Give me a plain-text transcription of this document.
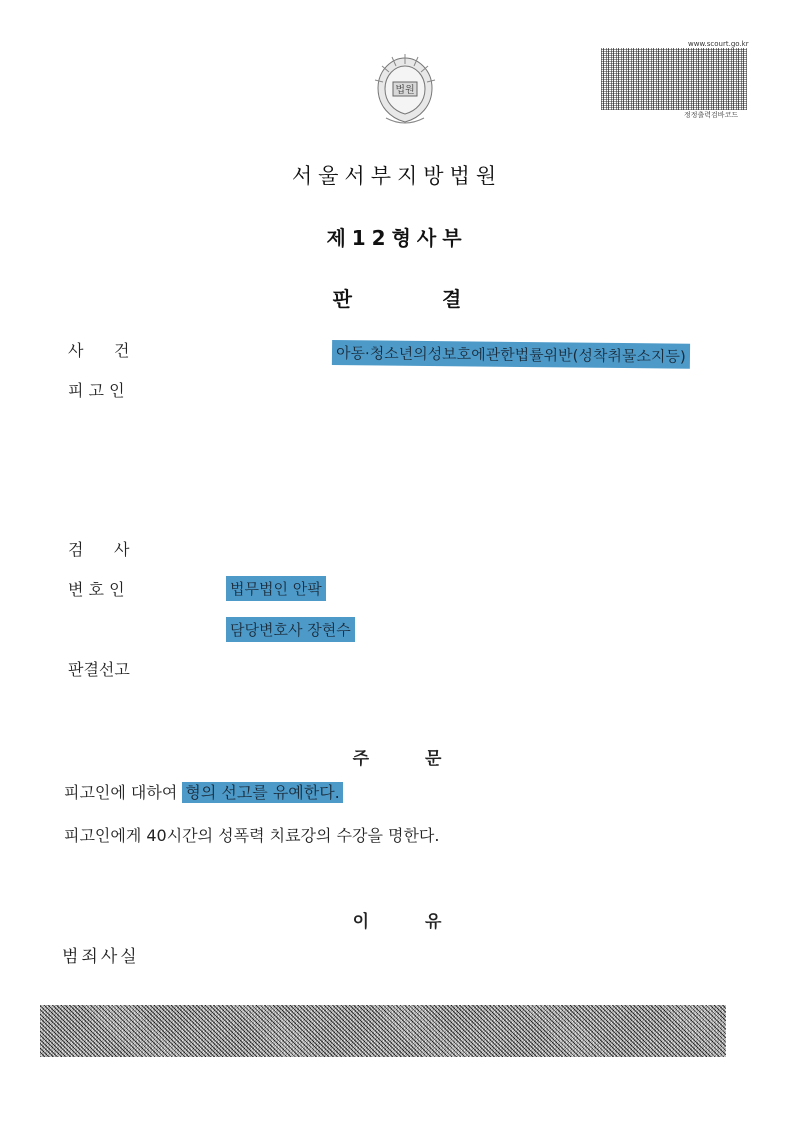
법원
www.scourt.go.kr
정정출력검바코드
서울서부지방법원
제12형사부
판	결
사      건	아동·청소년의성보호에관한법률위반(성착취물소지등)
피 고 인
검      사
변 호 인	법무법인 안팍
담당변호사 장현수
판결선고
주	문
피고인에 대하여 형의 선고를 유예한다.
피고인에게 40시간의 성폭력 치료강의 수강을 명한다.
이	유
범죄사실
